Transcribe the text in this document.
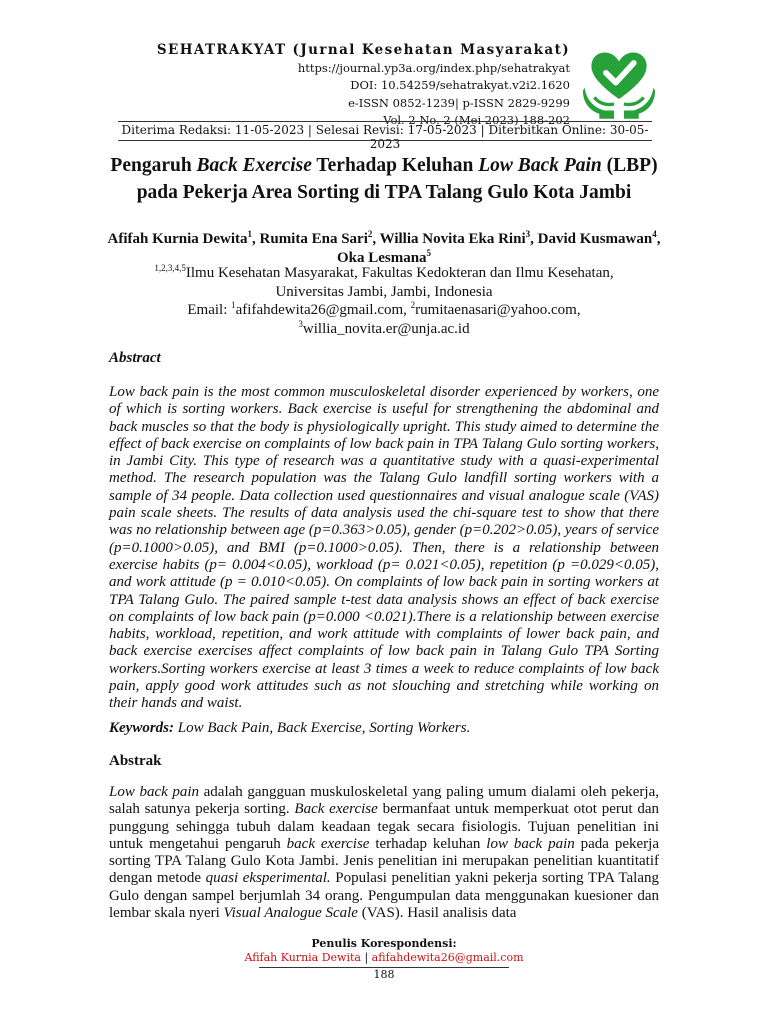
SEHATRAKYAT (Jurnal Kesehatan Masyarakat)
https://journal.yp3a.org/index.php/sehatrakyat
DOI: 10.54259/sehatrakyat.v2i2.1620
e-ISSN 0852-1239| p-ISSN 2829-9299
Vol. 2 No. 2 (Mei 2023) 188-202
Diterima Redaksi: 11-05-2023 | Selesai Revisi: 17-05-2023 | Diterbitkan Online: 30-05-2023
Pengaruh Back Exercise Terhadap Keluhan Low Back Pain (LBP)
pada Pekerja Area Sorting di TPA Talang Gulo Kota Jambi
Afifah Kurnia Dewita$^1$, Rumita Ena Sari$^2$, Willia Novita Eka Rini$^3$, David Kusmawan$^4$, Oka Lesmana$^5$
$^{1,2,3,4,5}$Ilmu Kesehatan Masyarakat, Fakultas Kedokteran dan Ilmu Kesehatan,
Universitas Jambi, Jambi, Indonesia
Email: $^1$afifahdewita26@gmail.com, $^2$rumitaenasari@yahoo.com,
$^3$willia_novita.er@unja.ac.id
Abstract
Low back pain is the most common musculoskeletal disorder experienced by workers, one of which is sorting workers. Back exercise is useful for strengthening the abdominal and back muscles so that the body is physiologically upright. This study aimed to determine the effect of back exercise on complaints of low back pain in TPA Talang Gulo sorting workers, in Jambi City. This type of research was a quantitative study with a quasi-experimental method. The research population was the Talang Gulo landfill sorting workers with a sample of 34 people. Data collection used questionnaires and visual analogue scale (VAS) pain scale sheets. The results of data analysis used the chi-square test to show that there was no relationship between age (p=0.363>0.05), gender (p=0.202>0.05), years of service (p=0.1000>0.05), and BMI (p=0.1000>0.05). Then, there is a relationship between exercise habits (p= 0.004<0.05), workload (p= 0.021<0.05), repetition (p =0.029<0.05), and work attitude (p = 0.010<0.05). On complaints of low back pain in sorting workers at TPA Talang Gulo. The paired sample t-test data analysis shows an effect of back exercise on complaints of low back pain (p=0.000 <0.021).There is a relationship between exercise habits, workload, repetition, and work attitude with complaints of lower back pain, and back exercise exercises affect complaints of low back pain in Talang Gulo TPA Sorting workers.Sorting workers exercise at least 3 times a week to reduce complaints of low back pain, apply good work attitudes such as not slouching and stretching while working on their hands and waist.
Keywords: Low Back Pain, Back Exercise, Sorting Workers.
Abstrak
Low back pain adalah gangguan muskuloskeletal yang paling umum dialami oleh pekerja, salah satunya pekerja sorting. Back exercise bermanfaat untuk memperkuat otot perut dan punggung sehingga tubuh dalam keadaan tegak secara fisiologis. Tujuan penelitian ini untuk mengetahui pengaruh back exercise terhadap keluhan low back pain pada pekerja sorting TPA Talang Gulo Kota Jambi. Jenis penelitian ini merupakan penelitian kuantitatif dengan metode quasi eksperimental. Populasi penelitian yakni pekerja sorting TPA Talang Gulo dengan sampel berjumlah 34 orang. Pengumpulan data menggunakan kuesioner dan lembar skala nyeri Visual Analogue Scale (VAS). Hasil analisis data
Penulis Korespondensi:
Afifah Kurnia Dewita | afifahdewita26@gmail.com
188
